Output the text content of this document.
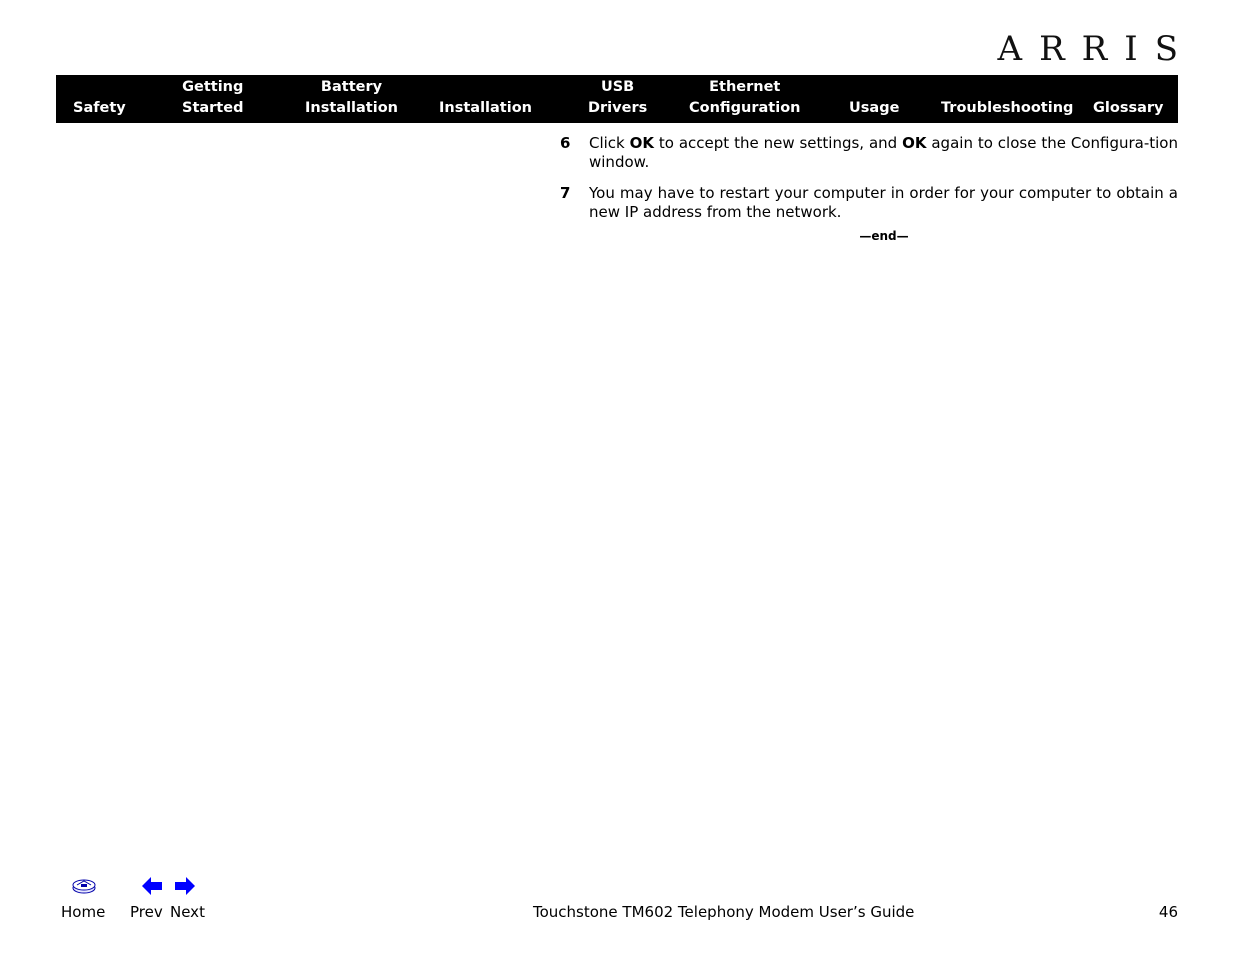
ARRIS
Safety
Getting
Started
Battery
Installation	Installation
USB
Drivers
Ethernet
Configuration	Usage	Troubleshooting Glossary
6	Click OK to accept the new settings, and OK again to close the Configura-tion window.
7	You may have to restart your computer in order for your computer to obtain a new IP address from the network.
—end—
Home Prev Next	Touchstone TM602 Telephony Modem User’s Guide	46
